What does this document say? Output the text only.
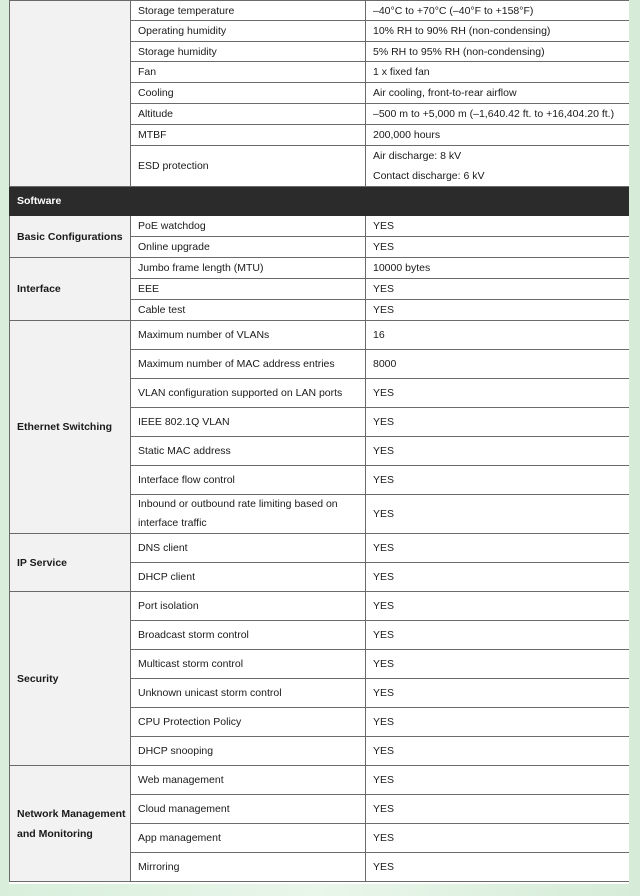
	Storage temperature	–40°C to +70°C (–40°F to +158°F)
	Operating humidity	10% RH to 90% RH (non-condensing)
	Storage humidity	5% RH to 95% RH (non-condensing)
	Fan	1 x fixed fan
	Cooling	Air cooling, front-to-rear airflow
	Altitude	–500 m to +5,000 m (–1,640.42 ft. to +16,404.20 ft.)
	MTBF	200,000 hours
	ESD protection	Air discharge: 8 kV
Contact discharge: 6 kV

Software		

Basic Configurations	PoE watchdog	YES
	Online upgrade	YES

Interface	Jumbo frame length (MTU)	10000 bytes
	EEE	YES
	Cable test	YES

Ethernet Switching	Maximum number of VLANs	16
	Maximum number of MAC address entries	8000
	VLAN configuration supported on LAN ports	YES
	IEEE 802.1Q VLAN	YES
	Static MAC address	YES
	Interface flow control	YES
	Inbound or outbound rate limiting based on interface traffic	YES

IP Service	DNS client	YES
	DHCP client	YES

Security	Port isolation	YES
	Broadcast storm control	YES
	Multicast storm control	YES
	Unknown unicast storm control	YES
	CPU Protection Policy	YES
	DHCP snooping	YES

Network Management and Monitoring	Web management	YES
	Cloud management	YES
	App management	YES
	Mirroring	YES
